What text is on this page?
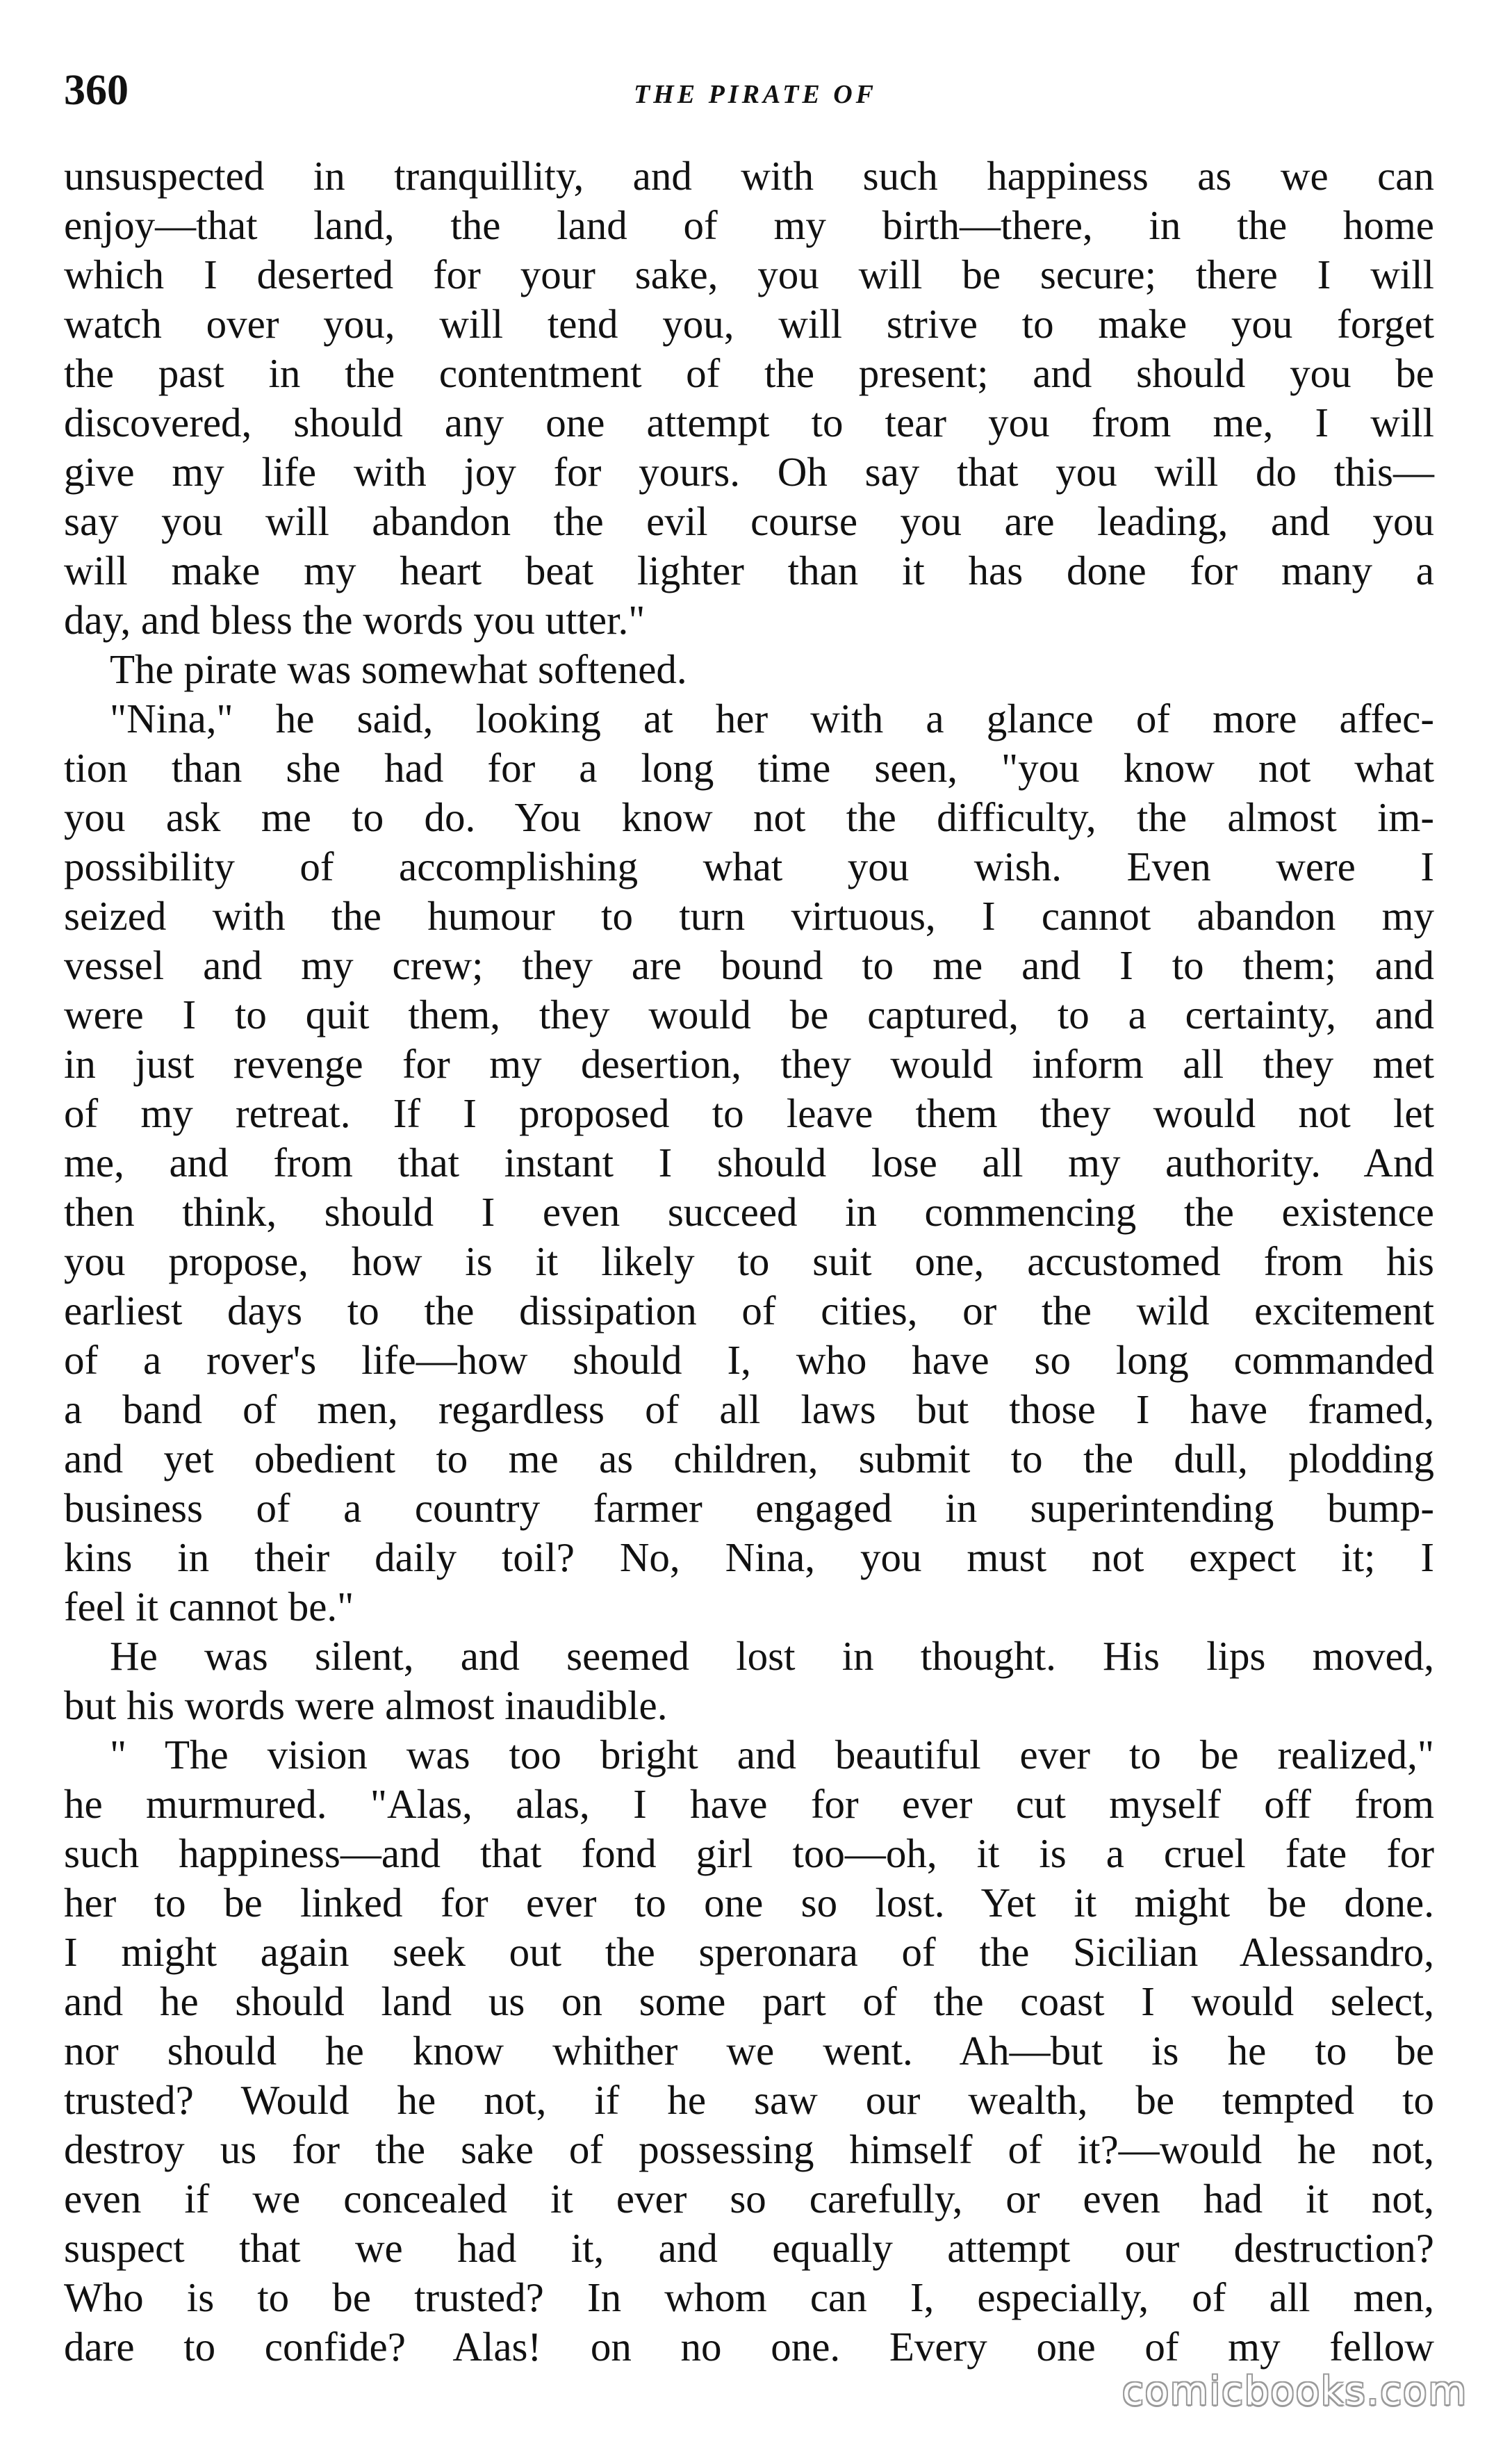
360	THE PIRATE OF
unsuspected in tranquillity, and with such happiness as we can
enjoy—that land, the land of my birth—there, in the home
which I deserted for your sake, you will be secure; there I will
watch over you, will tend you, will strive to make you forget
the past in the contentment of the present; and should you be
discovered, should any one attempt to tear you from me, I will
give my life with joy for yours. Oh say that you will do this—
say you will abandon the evil course you are leading, and you
will make my heart beat lighter than it has done for many a
day, and bless the words you utter."
The pirate was somewhat softened.
"Nina," he said, looking at her with a glance of more affec-
tion than she had for a long time seen, "you know not what
you ask me to do. You know not the difficulty, the almost im-
possibility of accomplishing what you wish. Even were I
seized with the humour to turn virtuous, I cannot abandon my
vessel and my crew; they are bound to me and I to them; and
were I to quit them, they would be captured, to a certainty, and
in just revenge for my desertion, they would inform all they met
of my retreat. If I proposed to leave them they would not let
me, and from that instant I should lose all my authority. And
then think, should I even succeed in commencing the existence
you propose, how is it likely to suit one, accustomed from his
earliest days to the dissipation of cities, or the wild excitement
of a rover's life—how should I, who have so long commanded
a band of men, regardless of all laws but those I have framed,
and yet obedient to me as children, submit to the dull, plodding
business of a country farmer engaged in superintending bump-
kins in their daily toil? No, Nina, you must not expect it; I
feel it cannot be."
He was silent, and seemed lost in thought. His lips moved,
but his words were almost inaudible.
" The vision was too bright and beautiful ever to be realized,"
he murmured. "Alas, alas, I have for ever cut myself off from
such happiness—and that fond girl too—oh, it is a cruel fate for
her to be linked for ever to one so lost. Yet it might be done.
I might again seek out the speronara of the Sicilian Alessandro,
and he should land us on some part of the coast I would select,
nor should he know whither we went. Ah—but is he to be
trusted? Would he not, if he saw our wealth, be tempted to
destroy us for the sake of possessing himself of it?—would he not,
even if we concealed it ever so carefully, or even had it not,
suspect that we had it, and equally attempt our destruction?
Who is to be trusted? In whom can I, especially, of all men,
dare to confide? Alas! on no one. Every one of my fellow
comicbooks.com
